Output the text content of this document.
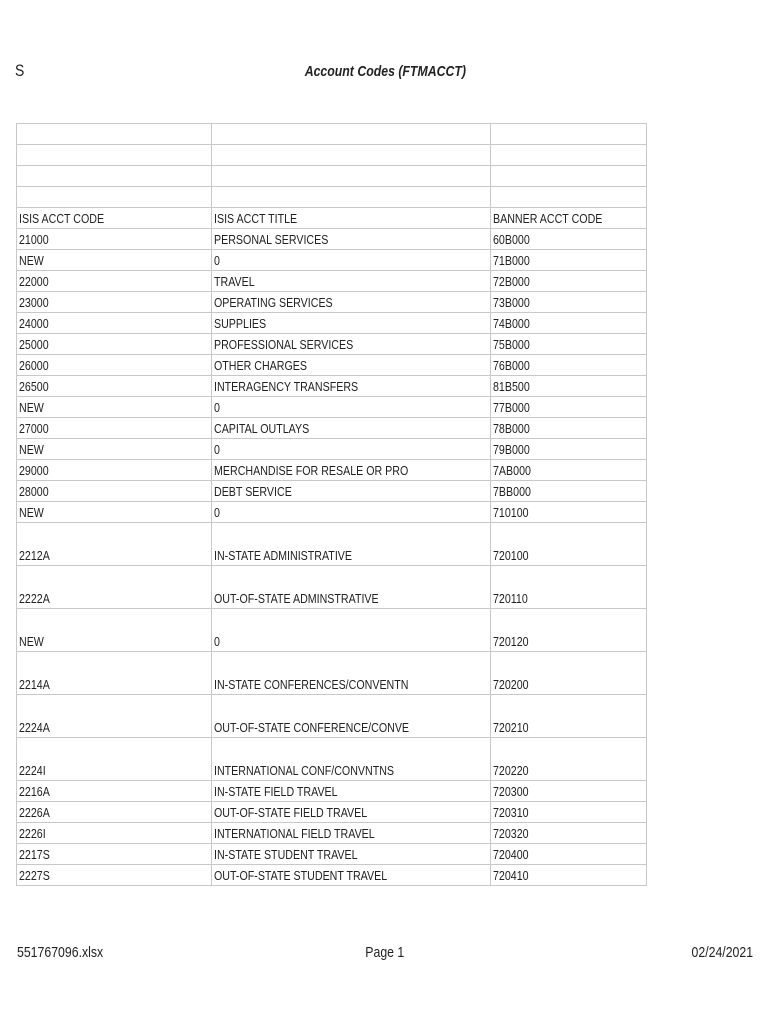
S	Account Codes (FTMACCT)

ISIS ACCT CODE	ISIS ACCT TITLE	BANNER ACCT CODE
21000	PERSONAL SERVICES	60B000
NEW	0	71B000
22000	TRAVEL	72B000
23000	OPERATING SERVICES	73B000
24000	SUPPLIES	74B000
25000	PROFESSIONAL SERVICES	75B000
26000	OTHER CHARGES	76B000
26500	INTERAGENCY TRANSFERS	81B500
NEW	0	77B000
27000	CAPITAL OUTLAYS	78B000
NEW	0	79B000
29000	MERCHANDISE FOR RESALE OR PRO	7AB000
28000	DEBT SERVICE	7BB000
NEW	0	710100
2212A	IN-STATE ADMINISTRATIVE	720100
2222A	OUT-OF-STATE ADMINSTRATIVE	720110
NEW	0	720120
2214A	IN-STATE CONFERENCES/CONVENTN	720200
2224A	OUT-OF-STATE CONFERENCE/CONVE	720210
2224I	INTERNATIONAL CONF/CONVNTNS	720220
2216A	IN-STATE FIELD TRAVEL	720300
2226A	OUT-OF-STATE FIELD TRAVEL	720310
2226I	INTERNATIONAL FIELD TRAVEL	720320
2217S	IN-STATE STUDENT TRAVEL	720400
2227S	OUT-OF-STATE STUDENT TRAVEL	720410
551767096.xlsx	Page 1	02/24/2021
